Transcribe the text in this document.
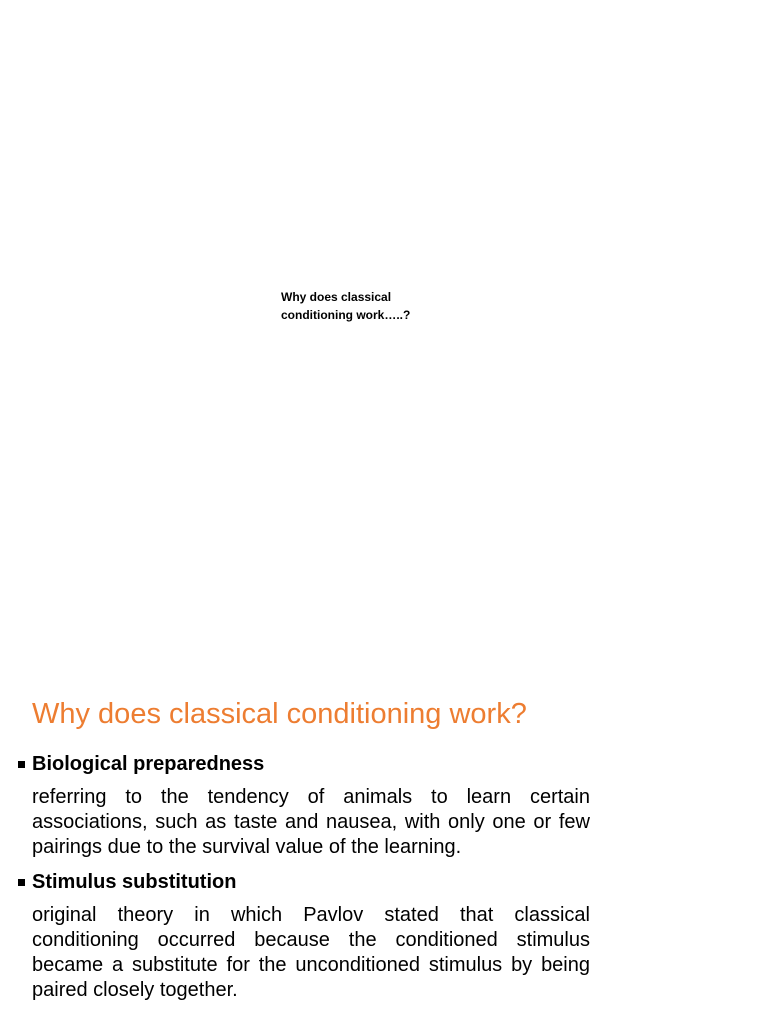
Why does classical conditioning work…..?
Why does classical conditioning work?
Biological preparedness
referring to the tendency of animals to learn certain associations, such as taste and nausea, with only one or few pairings due to the survival value of the learning.
Stimulus substitution
original theory in which Pavlov stated that classical conditioning occurred because the conditioned stimulus became a substitute for the unconditioned stimulus by being paired closely together.
